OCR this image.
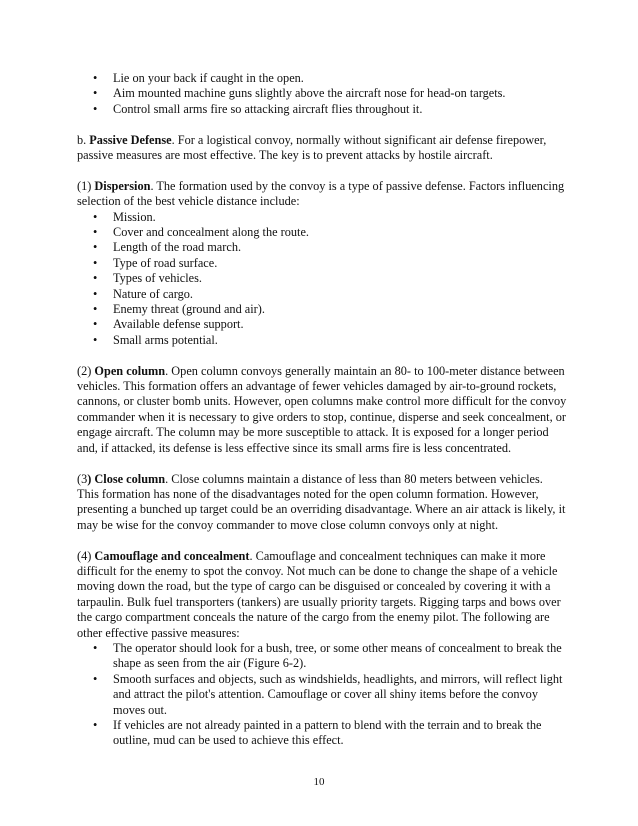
• Lie on your back if caught in the open.
• Aim mounted machine guns slightly above the aircraft nose for head-on targets.
• Control small arms fire so attacking aircraft flies throughout it.

b. Passive Defense. For a logistical convoy, normally without significant air defense firepower, passive measures are most effective. The key is to prevent attacks by hostile aircraft.

(1) Dispersion. The formation used by the convoy is a type of passive defense. Factors influencing selection of the best vehicle distance include:

• Mission.
• Cover and concealment along the route.
• Length of the road march.
• Type of road surface.
• Types of vehicles.
• Nature of cargo.
• Enemy threat (ground and air).
• Available defense support.
• Small arms potential.

(2) Open column. Open column convoys generally maintain an 80- to 100-meter distance between vehicles. This formation offers an advantage of fewer vehicles damaged by air-to-ground rockets, cannons, or cluster bomb units. However, open columns make control more difficult for the convoy commander when it is necessary to give orders to stop, continue, disperse and seek concealment, or engage aircraft. The column may be more susceptible to attack. It is exposed for a longer period and, if attacked, its defense is less effective since its small arms fire is less concentrated.

(3) Close column. Close columns maintain a distance of less than 80 meters between vehicles. This formation has none of the disadvantages noted for the open column formation. However, presenting a bunched up target could be an overriding disadvantage. Where an air attack is likely, it may be wise for the convoy commander to move close column convoys only at night.

(4) Camouflage and concealment. Camouflage and concealment techniques can make it more difficult for the enemy to spot the convoy. Not much can be done to change the shape of a vehicle moving down the road, but the type of cargo can be disguised or concealed by covering it with a tarpaulin. Bulk fuel transporters (tankers) are usually priority targets. Rigging tarps and bows over the cargo compartment conceals the nature of the cargo from the enemy pilot. The following are other effective passive measures:

• The operator should look for a bush, tree, or some other means of concealment to break the shape as seen from the air (Figure 6-2).
• Smooth surfaces and objects, such as windshields, headlights, and mirrors, will reflect light and attract the pilot's attention. Camouflage or cover all shiny items before the convoy moves out.
• If vehicles are not already painted in a pattern to blend with the terrain and to break the outline, mud can be used to achieve this effect.
10
